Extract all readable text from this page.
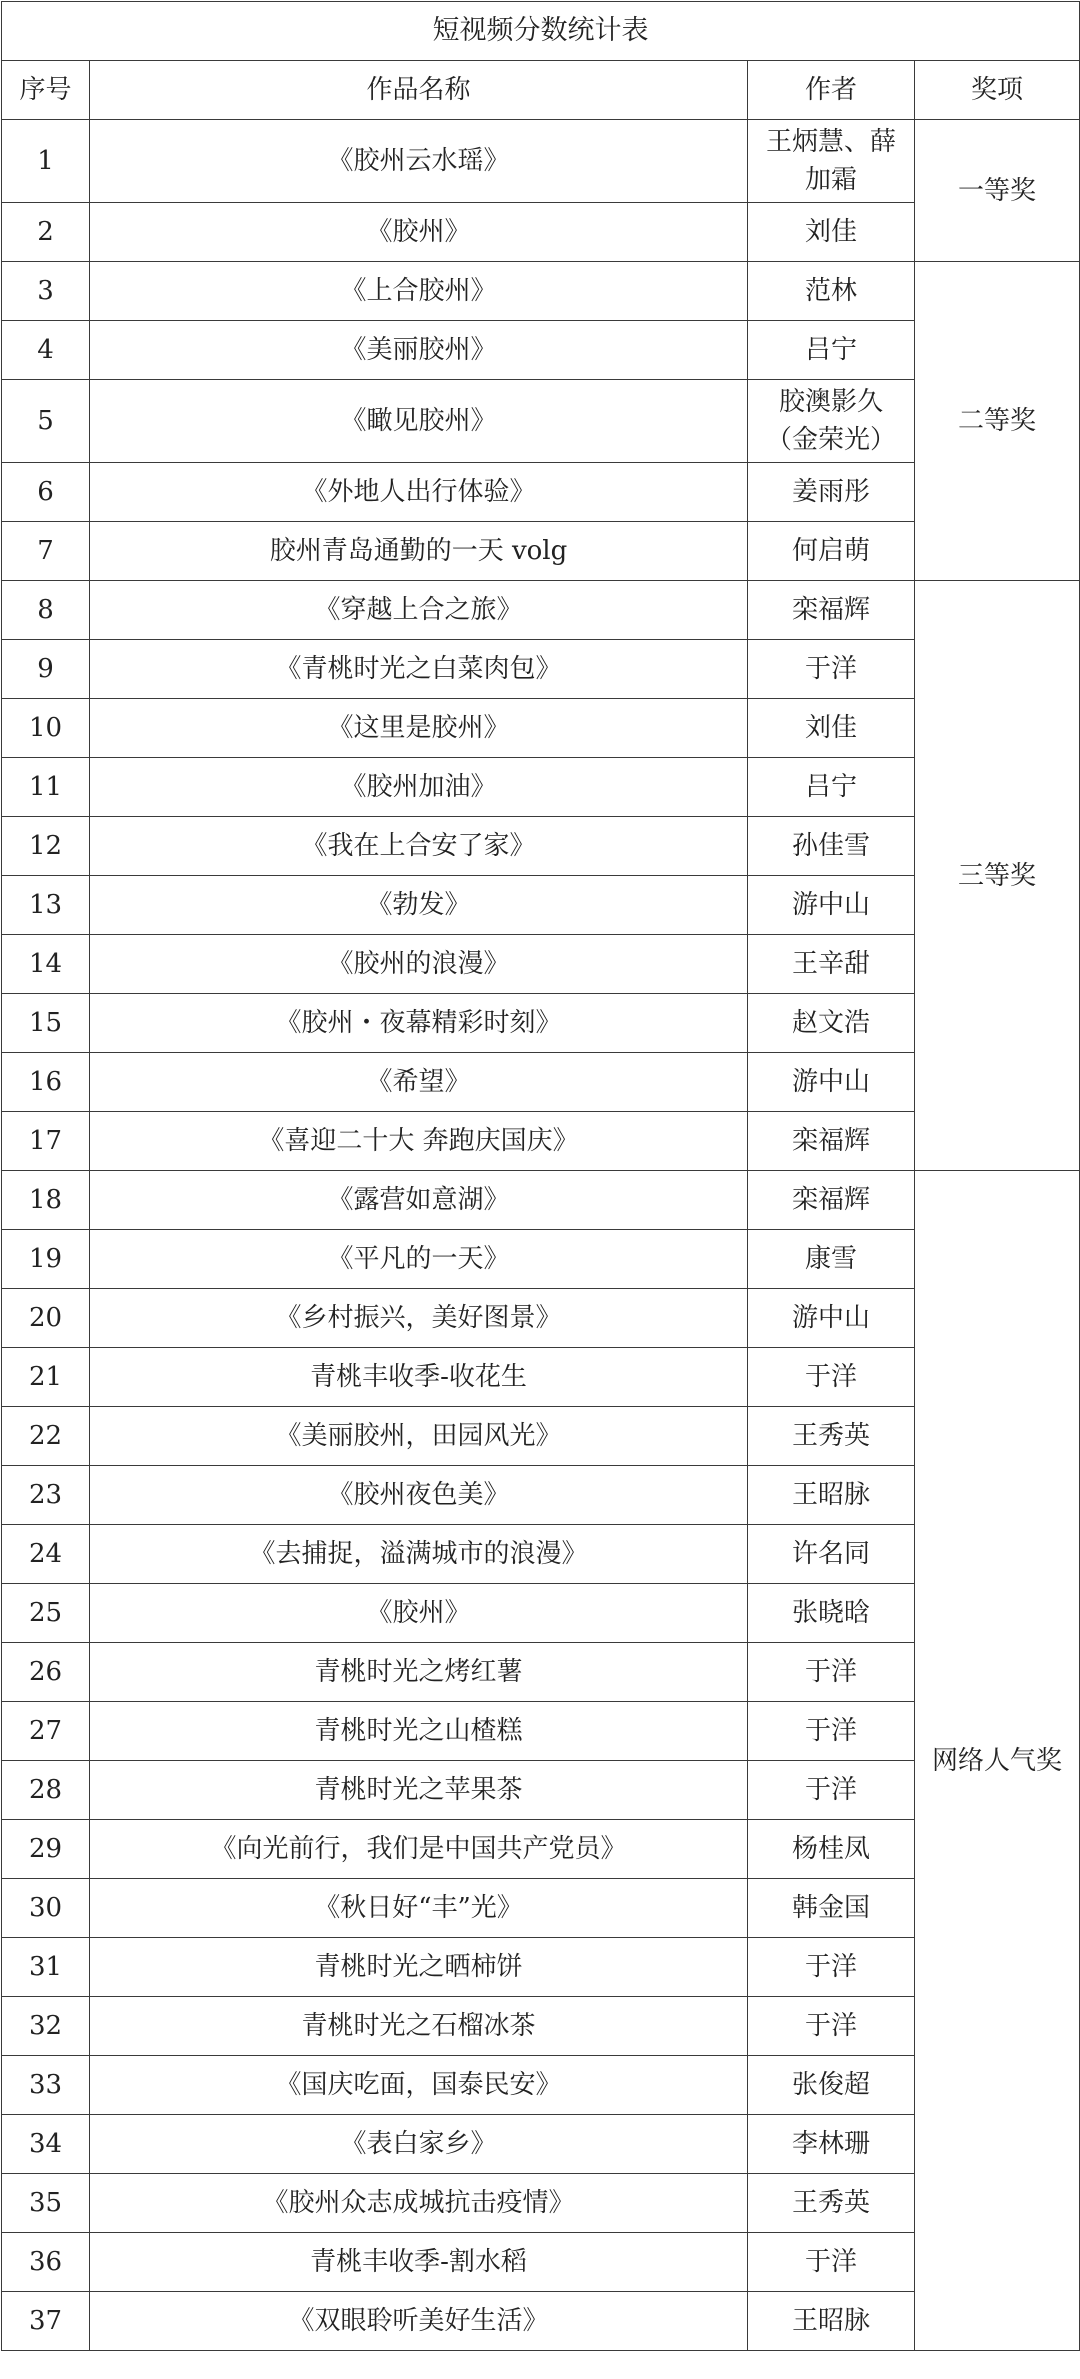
短视频分数统计表			
序号	作品名称	作者	奖项
1	《胶州云水瑶》	王炳慧、薛加霜	一等奖
2	《胶州》	刘佳	
3	《上合胶州》	范林	二等奖
4	《美丽胶州》	吕宁	
5	《瞰见胶州》	胶澳影久（金荣光）	
6	《外地人出行体验》	姜雨彤	
7	胶州青岛通勤的一天 volg	何启萌	
8	《穿越上合之旅》	栾福辉	三等奖
9	《青桃时光之白菜肉包》	于洋	
10	《这里是胶州》	刘佳	
11	《胶州加油》	吕宁	
12	《我在上合安了家》	孙佳雪	
13	《勃发》	游中山	
14	《胶州的浪漫》	王辛甜	
15	《胶州・夜幕精彩时刻》	赵文浩	
16	《希望》	游中山	
17	《喜迎二十大 奔跑庆国庆》	栾福辉	
18	《露营如意湖》	栾福辉	网络人气奖
19	《平凡的一天》	康雪	
20	《乡村振兴，美好图景》	游中山	
21	青桃丰收季-收花生	于洋	
22	《美丽胶州，田园风光》	王秀英	
23	《胶州夜色美》	王昭脉	
24	《去捕捉，溢满城市的浪漫》	许名同	
25	《胶州》	张晓晗	
26	青桃时光之烤红薯	于洋	
27	青桃时光之山楂糕	于洋	
28	青桃时光之苹果茶	于洋	
29	《向光前行，我们是中国共产党员》	杨桂凤	
30	《秋日好“丰”光》	韩金国	
31	青桃时光之晒柿饼	于洋	
32	青桃时光之石榴冰茶	于洋	
33	《国庆吃面，国泰民安》	张俊超	
34	《表白家乡》	李林珊	
35	《胶州众志成城抗击疫情》	王秀英	
36	青桃丰收季-割水稻	于洋	
37	《双眼聆听美好生活》	王昭脉	
